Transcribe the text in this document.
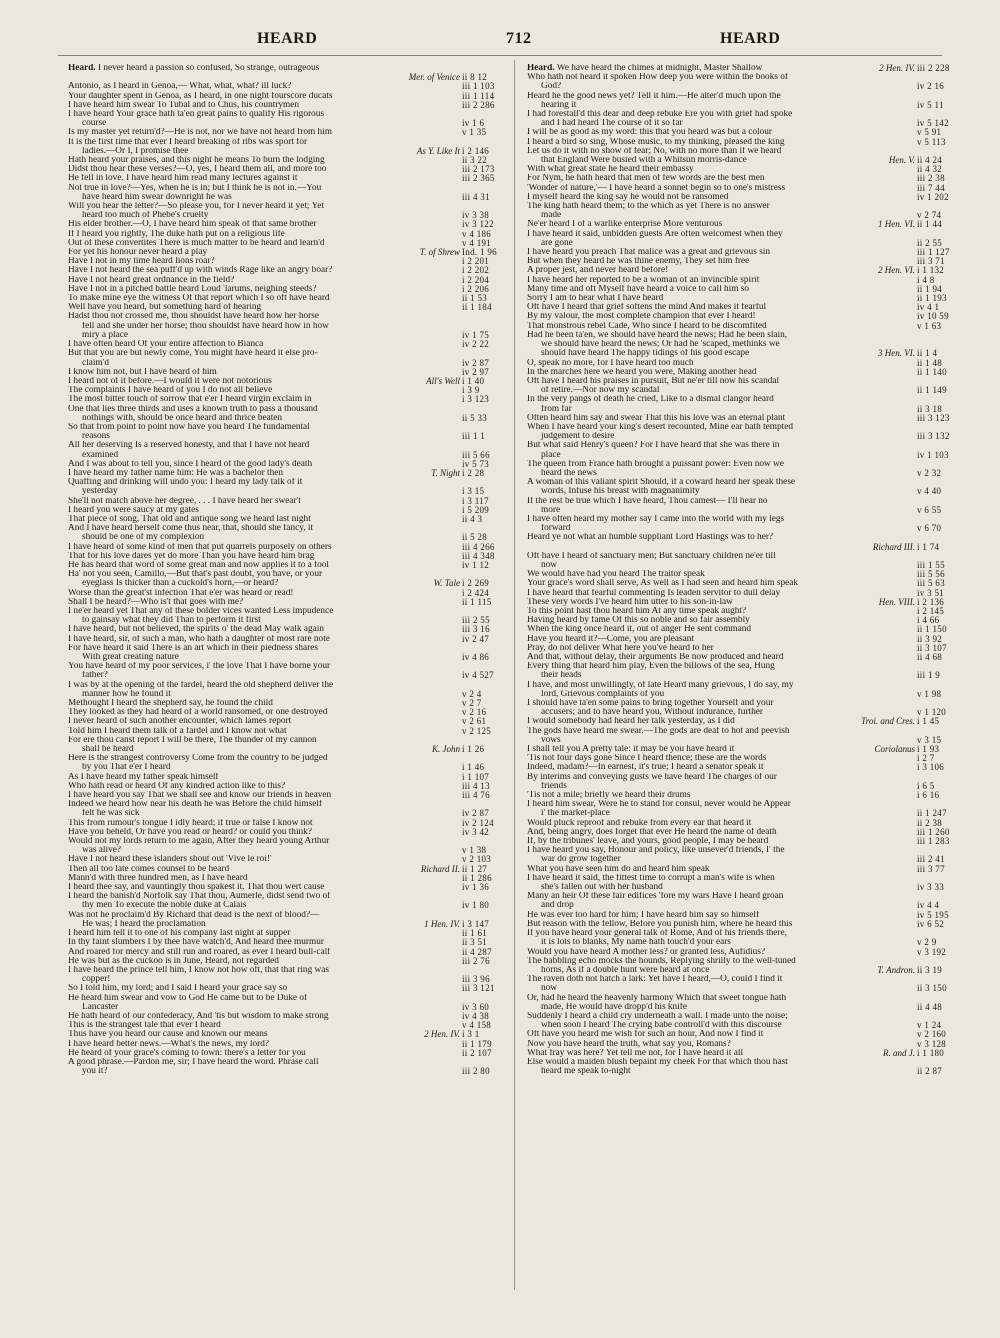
HEARD	712	HEARD
Heard. I never heard a passion so confused, So strange, outrageous
Mer. of Venice ii 8 12
Antonio, as I heard in Genoa,— What, what, what? ill luck?	iii 1 103
Your daughter spent in Genoa, as I heard, in one night fourscore ducats	iii 1 114
I have heard him swear To Tubal and to Chus, his countrymen	iii 2 286
I have heard Your grace hath ta'en great pains to qualify His rigorous
course	iv 1 6
Is my master yet return'd?—He is not, nor we have not heard from him	v 1 35
It is the first time that ever I heard breaking of ribs was sport for
ladies.—Or I, I promise thee	As Y. Like It i 2 146
Hath heard your praises, and this night he means To burn the lodging	ii 3 22
Didst thou hear these verses?—O, yes, I heard them all, and more too	iii 2 173
He fell in love. I have heard him read many lectures against it	iii 2 365
Not true in love?—Yes, when he is in; but I think he is not in.—You
have heard him swear downright he was	iii 4 31
Will you hear the letter?—So please you, for I never heard it yet; Yet
heard too much of Phebe's cruelty	iv 3 38
His elder brother.—O, I have heard him speak of that same brother	iv 3 122
If I heard you rightly, The duke hath put on a religious life	v 4 186
Out of these convertites There is much matter to be heard and learn'd	v 4 191
For yet his honour never heard a play	T. of Shrew Ind. 1 96
Have I not in my time heard lions roar?	i 2 201
Have I not heard the sea puff'd up with winds Rage like an angry boar?	i 2 202
Have I not heard great ordnance in the field?	i 2 204
Have I not in a pitched battle heard Loud 'larums, neighing steeds?	i 2 206
To make mine eye the witness Of that report which I so oft have heard	ii 1 53
Well have you heard, but something hard of hearing	ii 1 184
Hadst thou not crossed me, thou shouldst have heard how her horse
fell and she under her horse; thou shouldst have heard how in how
miry a place	iv 1 75
I have often heard Of your entire affection to Bianca	iv 2 22
But that you are but newly come, You might have heard it else pro-
claim'd	iv 2 87
I know him not, but I have heard of him	iv 2 97
I heard not of it before.—I would it were not notorious	All's Well i 1 40
The complaints I have heard of you I do not all believe	i 3 9
The most bitter touch of sorrow that e'er I heard virgin exclaim in	i 3 123
One that lies three thirds and uses a known truth to pass a thousand
nothings with, should be once heard and thrice beaten	ii 5 33
So that from point to point now have you heard The fundamental
reasons	iii 1 1
All her deserving Is a reserved honesty, and that I have not heard
examined	iii 5 66
And I was about to tell you, since I heard of the good lady's death	iv 5 73
I have heard my father name him: He was a bachelor then	T. Night i 2 28
Quaffing and drinking will undo you: I heard my lady talk of it
yesterday	i 3 15
She'll not match above her degree, . . . I have heard her swear't	i 3 117
I heard you were saucy at my gates	i 5 209
That piece of song, That old and antique song we heard last night	ii 4 3
And I have heard herself come thus near, that, should she fancy, it
should be one of my complexion	ii 5 28
I have heard of some kind of men that put quarrels purposely on others	iii 4 266
That for his love dares yet do more Than you have heard him brag	iii 4 348
He has heard that word of some great man and now applies it to a fool	iv 1 12
Ha' not you seen, Camillo,—But that's past doubt, you have, or your
eyeglass Is thicker than a cuckold's horn,—or heard?	W. Tale i 2 269
Worse than the great'st infection That e'er was heard or read!	i 2 424
Shall I be heard?—Who is't that goes with me?	ii 1 115
I ne'er heard yet That any of these bolder vices wanted Less impudence
to gainsay what they did Than to perform it first	iii 2 55
I have heard, but not believed, the spirits o' the dead May walk again	iii 3 16
I have heard, sir, of such a man, who hath a daughter of most rare note	iv 2 47
For have heard it said There is an art which in their piedness shares
With great creating nature	iv 4 86
You have heard of my poor services, i' the love That I have borne your
father?	iv 4 527
I was by at the opening of the fardel, heard the old shepherd deliver the
manner how he found it	v 2 4
Methought I heard the shepherd say, he found the child	v 2 7
They looked as they had heard of a world ransomed, or one destroyed	v 2 16
I never heard of such another encounter, which lames report	v 2 61
Told him I heard them talk of a fardel and I know not what	v 2 125
For ere thou canst report I will be there, The thunder of my cannon
shall be heard	K. John i 1 26
Here is the strangest controversy Come from the country to be judged
by you That e'er I heard	i 1 46
As I have heard my father speak himself	i 1 107
Who hath read or heard Of any kindred action like to this?	iii 4 13
I have heard you say That we shall see and know our friends in heaven	iii 4 76
Indeed we heard how near his death he was Before the child himself
felt he was sick	iv 2 87
This from rumour's tongue I idly heard; if true or false I know not	iv 2 124
Have you beheld, Or have you read or heard? or could you think?	iv 3 42
Would not my lords return to me again, After they heard young Arthur
was alive?	v 1 38
Have I not heard these islanders shout out 'Vive le roi!'	v 2 103
Then all too late comes counsel to be heard	Richard II. ii 1 27
Mann'd with three hundred men, as I have heard	ii 1 286
I heard thee say, and vauntingly thou spakest it, That thou wert cause	iv 1 36
I heard the banish'd Norfolk say That thou, Aumerle, didst send two of
thy men To execute the noble duke at Calais	iv 1 80
Was not he proclaim'd By Richard that dead is the next of blood?—
He was; I heard the proclamation	1 Hen. IV. i 3 147
I heard him tell it to one of his company last night at supper	ii 1 61
In thy faint slumbers I by thee have watch'd, And heard thee murmur	ii 3 51
And roared for mercy and still run and roared, as ever I heard bull-calf	ii 4 287
He was but as the cuckoo is in June, Heard, not regarded	iii 2 76
I have heard the prince tell him, I know not how oft, that that ring was
copper!	iii 3 96
So I told him, my lord; and I said I heard your grace say so	iii 3 121
He heard him swear and vow to God He came but to be Duke of
Lancaster	iv 3 60
He hath heard of our confederacy, And 'tis but wisdom to make strong	iv 4 38
This is the strangest tale that ever I heard	v 4 158
Thus have you heard our cause and known our means	2 Hen. IV. i 3 1
I have heard better news.—What's the news, my lord?	ii 1 179
He heard of your grace's coming to town: there's a letter for you	ii 2 107
A good phrase.—Pardon me, sir; I have heard the word. Phrase call
you it?	iii 2 80
Heard. We have heard the chimes at midnight, Master Shallow	2 Hen. IV. iii 2 228
Who hath not heard it spoken How deep you were within the books of
God?	iv 2 16
Heard he the good news yet? Tell it him.—He alter'd much upon the
hearing it	iv 5 11
I had forestall'd this dear and deep rebuke Ere you with grief had spoke
and I had heard The course of it so far	iv 5 142
I will be as good as my word: this that you heard was but a colour	v 5 91
I heard a bird so sing, Whose music, to my thinking, pleased the king	v 5 113
Let us do it with no show of fear; No, with no more than if we heard
that England Were busied with a Whitsun morris-dance	Hen. V. ii 4 24
With what great state he heard their embassy	ii 4 32
For Nym, he hath heard that men of few words are the best men	iii 2 38
'Wonder of nature,'— I have heard a sonnet begin so to one's mistress	iii 7 44
I myself heard the king say he would not be ransomed	iv 1 202
The king hath heard them; to the which as yet There is no answer
made	v 2 74
Ne'er heard I of a warlike enterprise More venturous	1 Hen. VI. ii 1 44
I have heard it said, unbidden guests Are often welcomest when they
are gone	ii 2 55
I have heard you preach That malice was a great and grievous sin	iii 1 127
But when they heard he was thine enemy, They set him free	iii 3 71
A proper jest, and never heard before!	2 Hen. VI. i 1 132
I have heard her reported to be a woman of an invincible spirit	i 4 8
Many time and oft Myself have heard a voice to call him so	ii 1 94
Sorry I am to hear what I have heard	ii 1 193
Oft have I heard that grief softens the mind And makes it fearful	iv 4 1
By my valour, the most complete champion that ever I heard!	iv 10 59
That monstrous rebel Cade, Who since I heard to be discomfited	v 1 63
Had he been ta'en, we should have heard the news; Had he been slain,
we should have heard the news; Or had he 'scaped, methinks we
should have heard The happy tidings of his good escape	3 Hen. VI. ii 1 4
O, speak no more, for I have heard too much	ii 1 48
In the marches here we heard you were, Making another head	ii 1 140
Oft have I heard his praises in pursuit, But ne'er till now his scandal
of retire.—Nor now my scandal	ii 1 149
In the very pangs of death he cried, Like to a dismal clangor heard
from far	ii 3 18
Often heard him say and swear That this his love was an eternal plant	iii 3 123
When I have heard your king's desert recounted, Mine ear hath tempted
judgement to desire	iii 3 132
But what said Henry's queen? For I have heard that she was there in
place	iv 1 103
The queen from France hath brought a puissant power: Even now we
heard the news	v 2 32
A woman of this valiant spirit Should, if a coward heard her speak these
words, Infuse his breast with magnanimity	v 4 40
If the rest be true which I have heard, Thou camest— I'll hear no
more	v 6 55
I have often heard my mother say I came into the world with my legs
forward	v 6 70
Heard ye not what an humble suppliant Lord Hastings was to her?
Richard III. i 1 74
Oft have I heard of sanctuary men; But sanctuary children ne'er till
now	iii 1 55
We would have had you heard The traitor speak	iii 5 56
Your grace's word shall serve, As well as I had seen and heard him speak	iii 5 63
I have heard that fearful commenting Is leaden servitor to dull delay	iv 3 51
These very words I've heard him utter to his son-in-law	Hen. VIII. i 2 136
To this point hast thou heard him At any time speak aught?	i 2 145
Having heard by fame Of this so noble and so fair assembly	i 4 66
When the king once heard it, out of anger He sent command	ii 1 150
Have you heard it?—Come, you are pleasant	ii 3 92
Pray, do not deliver What here you've heard to her	ii 3 107
And that, without delay, their arguments Be now produced and heard	ii 4 68
Every thing that heard him play, Even the billows of the sea, Hung
their heads	iii 1 9
I have, and most unwillingly, of late Heard many grievous, I do say, my
lord, Grievous complaints of you	v 1 98
I should have ta'en some pains to bring together Yourself and your
accusers; and to have heard you, Without indurance, further	v 1 120
I would somebody had heard her talk yesterday, as I did	Troi. and Cres. i 1 45
The gods have heard me swear.—The gods are deaf to hot and peevish
vows	v 3 15
I shall tell you A pretty tale: it may be you have heard it	Coriolanus i 1 93
'Tis not four days gone Since I heard thence; these are the words	i 2 7
Indeed, madam?—In earnest, it's true; I heard a senator speak it	i 3 106
By interims and conveying gusts we have heard The charges of our
friends	i 6 5
'Tis not a mile; briefly we heard their drums	i 6 16
I heard him swear, Were he to stand for consul, never would he Appear
i' the market-place	ii 1 247
Would pluck reproof and rebuke from every ear that heard it	ii 2 38
And, being angry, does forget that ever He heard the name of death	iii 1 260
If, by the tribunes' leave, and yours, good people, I may be heard	iii 1 283
I have heard you say, Honour and policy, like unsever'd friends, I' the
war do grow together	iii 2 41
What you have seen him do and heard him speak	iii 3 77
I have heard it said, the fittest time to corrupt a man's wife is when
she's fallen out with her husband	iv 3 33
Many an heir Of these fair edifices 'fore my wars Have I heard groan
and drop	iv 4 4
He was ever too hard for him; I have heard him say so himself	iv 5 195
But reason with the fellow, Before you punish him, where he heard this	iv 6 52
If you have heard your general talk of Rome, And of his friends there,
it is lots to blanks, My name hath touch'd your ears	v 2 9
Would you have heard A mother less? or granted less, Aufidius?	v 3 192
The babbling echo mocks the hounds, Replying shrilly to the well-tuned
horns, As if a double hunt were heard at once	T. Andron. ii 3 19
The raven doth not hatch a lark: Yet have I heard,—O, could I find it
now	ii 3 150
Or, had he heard the heavenly harmony Which that sweet tongue hath
made, He would have dropp'd his knife	ii 4 48
Suddenly I heard a child cry underneath a wall. I made unto the noise;
when soon I heard The crying babe controll'd with this discourse	v 1 24
Oft have you heard me wish for such an hour, And now I find it	v 2 160
Now you have heard the truth, what say you, Romans?	v 3 128
What fray was here? Yet tell me not, for I have heard it all	R. and J. i 1 180
Else would a maiden blush bepaint my cheek For that which thou hast
heard me speak to-night	ii 2 87
